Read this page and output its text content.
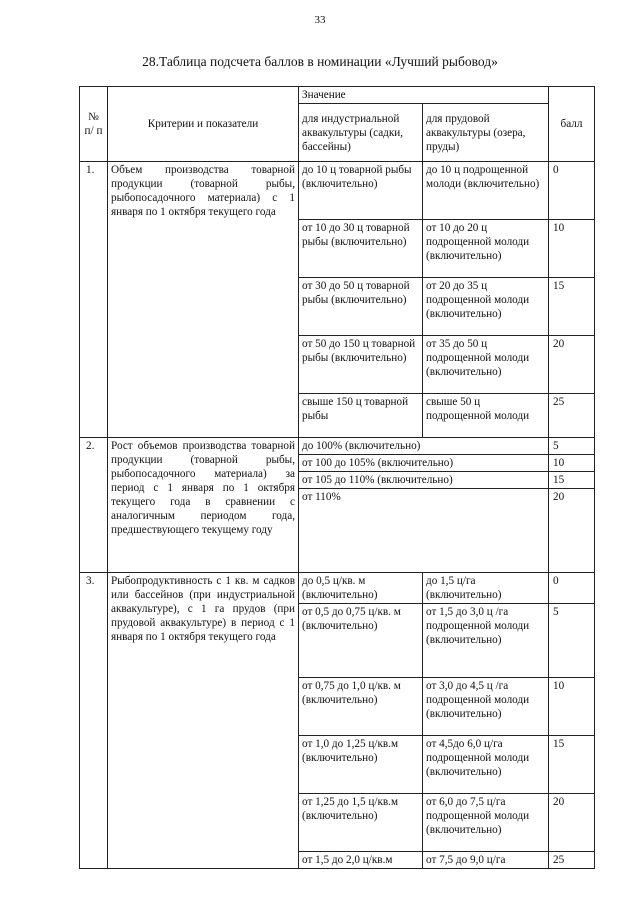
33
28.Таблица подсчета баллов в номинации «Лучший рыбовод»
№ п/ п	Критерии и показатели	Значение		балл
		для индустриальной аквакультуры (садки, бассейны)	для прудовой аквакультуры (озера, пруды)	
1.	Объем производства товарной продукции (товарной рыбы, рыбопосадочного материала) с 1 января по 1 октября текущего года	до 10 ц товарной рыбы (включительно)	до 10 ц подрощенной молоди (включительно)	0
		от 10 до 30 ц товарной рыбы (включительно)	от 10 до 20 ц подрощенной молоди (включительно)	10
		от 30 до 50 ц товарной рыбы (включительно)	от 20 до 35 ц подрощенной молоди (включительно)	15
		от 50 до 150 ц товарной рыбы (включительно)	от 35 до 50 ц подрощенной молоди (включительно)	20
		свыше 150 ц товарной рыбы	свыше 50 ц подрощенной молоди	25
2.	Рост объемов производства товарной продукции (товарной рыбы, рыбопосадочного материала) за период с 1 января по 1 октября текущего года в сравнении с аналогичным периодом года, предшествующего текущему году	до 100% (включительно)		5
		от 100 до 105% (включительно)		10
		от 105 до 110% (включительно)		15
		от 110%		20
3.	Рыбопродуктивность с 1 кв. м садков или бассейнов (при индустриальной аквакультуре), с 1 га прудов (при прудовой аквакультуре) в период с 1 января по 1 октября текущего года	до 0,5 ц/кв. м (включительно)	до 1,5 ц/га (включительно)	0
		от 0,5 до 0,75 ц/кв. м (включительно)	от 1,5 до 3,0 ц /га подрощенной молоди (включительно)	5
		от 0,75 до 1,0 ц/кв. м (включительно)	от 3,0 до 4,5 ц /га подрощенной молоди (включительно)	10
		от 1,0 до 1,25 ц/кв.м (включительно)	от 4,5до 6,0 ц/га подрощенной молоди (включительно)	15
		от 1,25 до 1,5 ц/кв.м (включительно)	от 6,0 до 7,5 ц/га подрощенной молоди (включительно)	20
		от 1,5 до 2,0 ц/кв.м	от 7,5 до 9,0 ц/га	25
